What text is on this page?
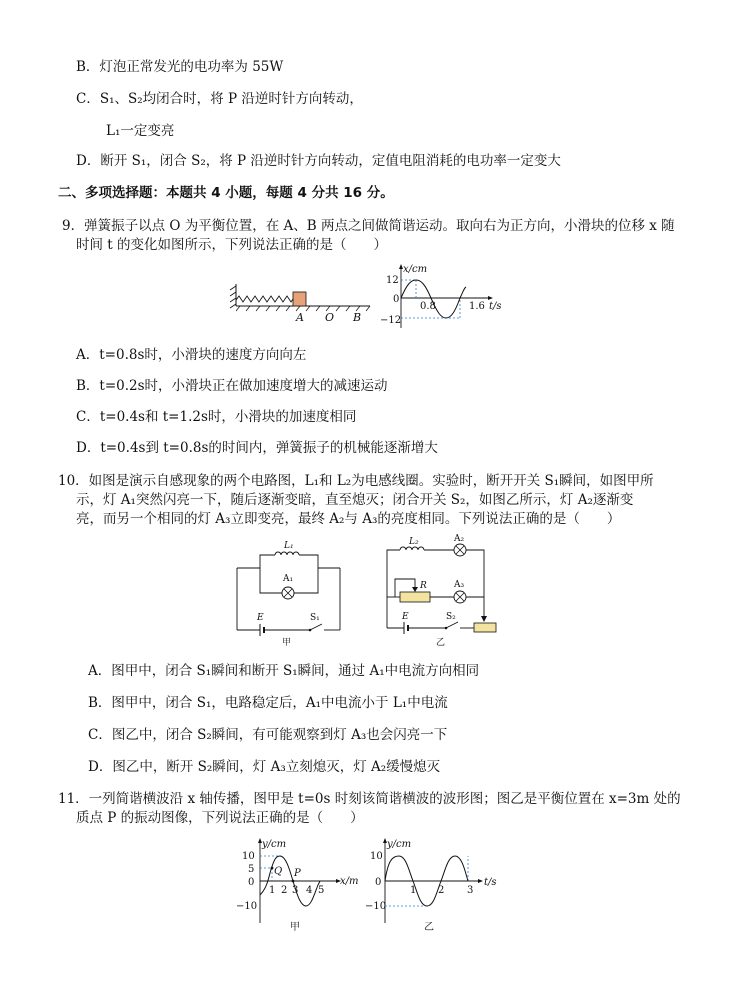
B．灯泡正常发光的电功率为 55W
C．S₁、S₂均闭合时，将 P 沿逆时针方向转动，
L₁一定变亮
D．断开 S₁，闭合 S₂，将 P 沿逆时针方向转动，定值电阻消耗的电功率一定变大
二、多项选择题：本题共 4 小题，每题 4 分共 16 分。
9．弹簧振子以点 O 为平衡位置，在 A、B 两点之间做简谐运动。取向右为正方向，小滑块的位移 x 随
时间 t 的变化如图所示，下列说法正确的是（　　）
A O B
x/cm
12
0
−12
0.8	1.6 t/s
A．t=0.8s时，小滑块的速度方向向左
B．t=0.2s时，小滑块正在做加速度增大的减速运动
C．t=0.4s和 t=1.2s时，小滑块的加速度相同
D．t=0.4s到 t=0.8s的时间内，弹簧振子的机械能逐渐增大
10．如图是演示自感现象的两个电路图，L₁和 L₂为电感线圈。实验时，断开开关 S₁瞬间，如图甲所
示，灯 A₁突然闪亮一下，随后逐渐变暗，直至熄灭；闭合开关 S₂，如图乙所示，灯 A₂逐渐变
亮，而另一个相同的灯 A₃立即变亮，最终 A₂与 A₃的亮度相同。下列说法正确的是（　　）
L₁
A₁
E	S₁
甲
L₂	A₂
R	A₃
E	S₂
乙
A．图甲中，闭合 S₁瞬间和断开 S₁瞬间，通过 A₁中电流方向相同
B．图甲中，闭合 S₁，电路稳定后，A₁中电流小于 L₁中电流
C．图乙中，闭合 S₂瞬间，有可能观察到灯 A₃也会闪亮一下
D．图乙中，断开 S₂瞬间，灯 A₃立刻熄灭，灯 A₂缓慢熄灭
11．一列简谐横波沿 x 轴传播，图甲是 t=0s 时刻该简谐横波的波形图；图乙是平衡位置在 x=3m 处的
质点 P 的振动图像，下列说法正确的是（　　）
y/cm
x/m
10
5
0
−10
1 2 3 4 5
Q P
甲
y/cm
t/s
10
0
−10
1 2 3
乙
